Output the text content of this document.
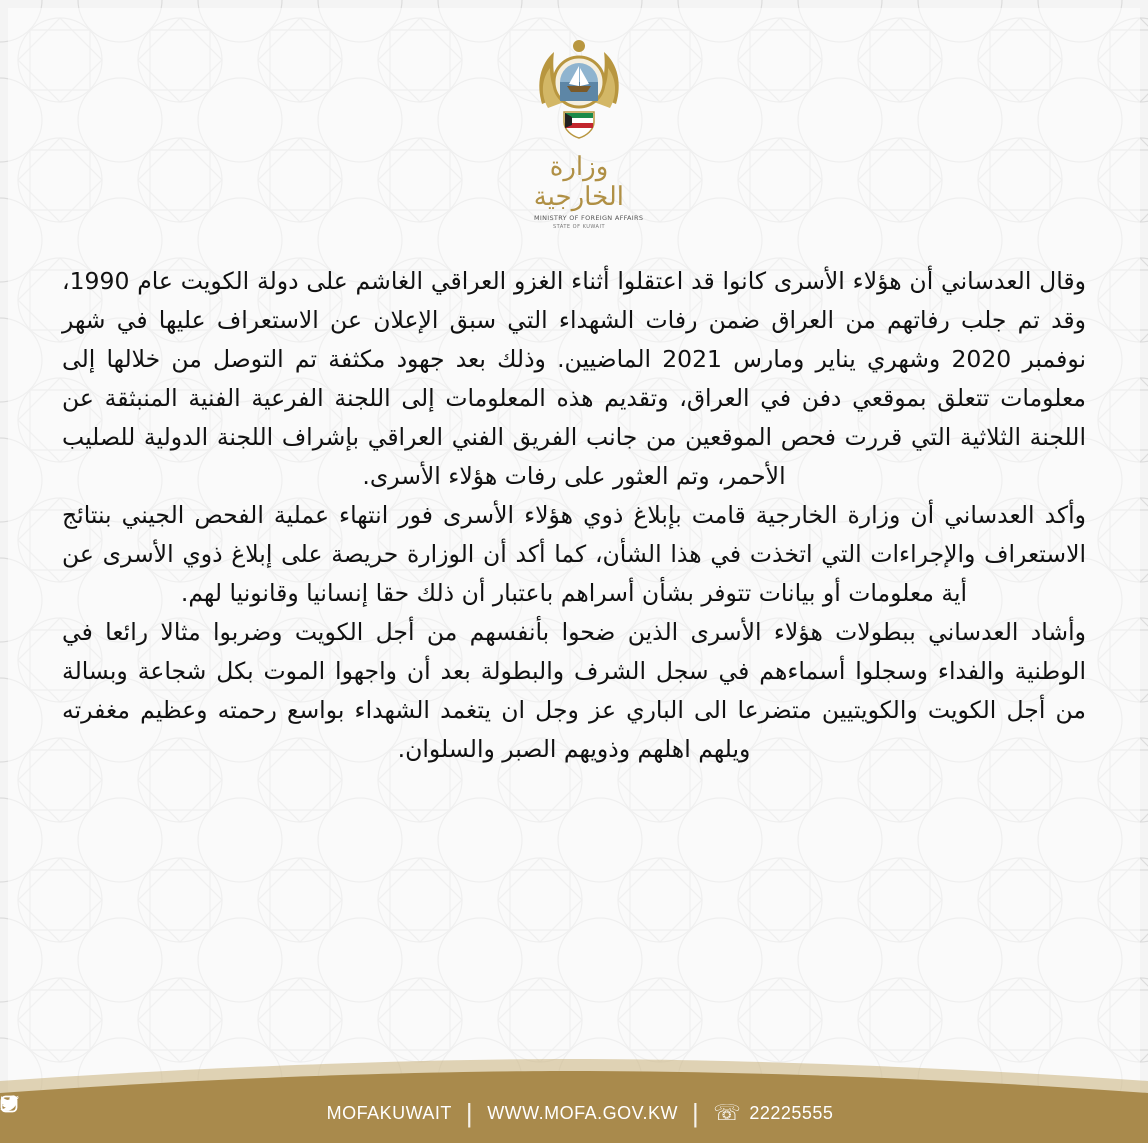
وزارة الخارجية
MINISTRY OF FOREIGN AFFAIRS
STATE OF KUWAIT

وقال العدساني أن هؤلاء الأسرى كانوا قد اعتقلوا أثناء الغزو العراقي الغاشم على دولة الكويت عام 1990، وقد تم جلب رفاتهم من العراق ضمن رفات الشهداء التي سبق الإعلان عن الاستعراف عليها في شهر نوفمبر 2020 وشهري يناير ومارس 2021 الماضيين. وذلك بعد جهود مكثفة تم التوصل من خلالها إلى معلومات تتعلق بموقعي دفن في العراق، وتقديم هذه المعلومات إلى اللجنة الفرعية الفنية المنبثقة عن اللجنة الثلاثية التي قررت فحص الموقعين من جانب الفريق الفني العراقي بإشراف اللجنة الدولية للصليب الأحمر، وتم العثور على رفات هؤلاء الأسرى.

وأكد العدساني أن وزارة الخارجية قامت بإبلاغ ذوي هؤلاء الأسرى فور انتهاء عملية الفحص الجيني بنتائج الاستعراف والإجراءات التي اتخذت في هذا الشأن، كما أكد أن الوزارة حريصة على إبلاغ ذوي الأسرى عن أية معلومات أو بيانات تتوفر بشأن أسراهم باعتبار أن ذلك حقا إنسانيا وقانونيا لهم.

وأشاد العدساني ببطولات هؤلاء الأسرى الذين ضحوا بأنفسهم من أجل الكويت وضربوا مثالا رائعا في الوطنية والفداء وسجلوا أسماءهم في سجل الشرف والبطولة بعد أن واجهوا الموت بكل شجاعة وبسالة من أجل الكويت والكويتيين متضرعا الى الباري عز وجل ان يتغمد الشهداء بواسع رحمته وعظيم مغفرته ويلهم اهلهم وذويهم الصبر والسلوان.

MOFAKUWAIT | WWW.MOFA.GOV.KW | ☏ 22225555
